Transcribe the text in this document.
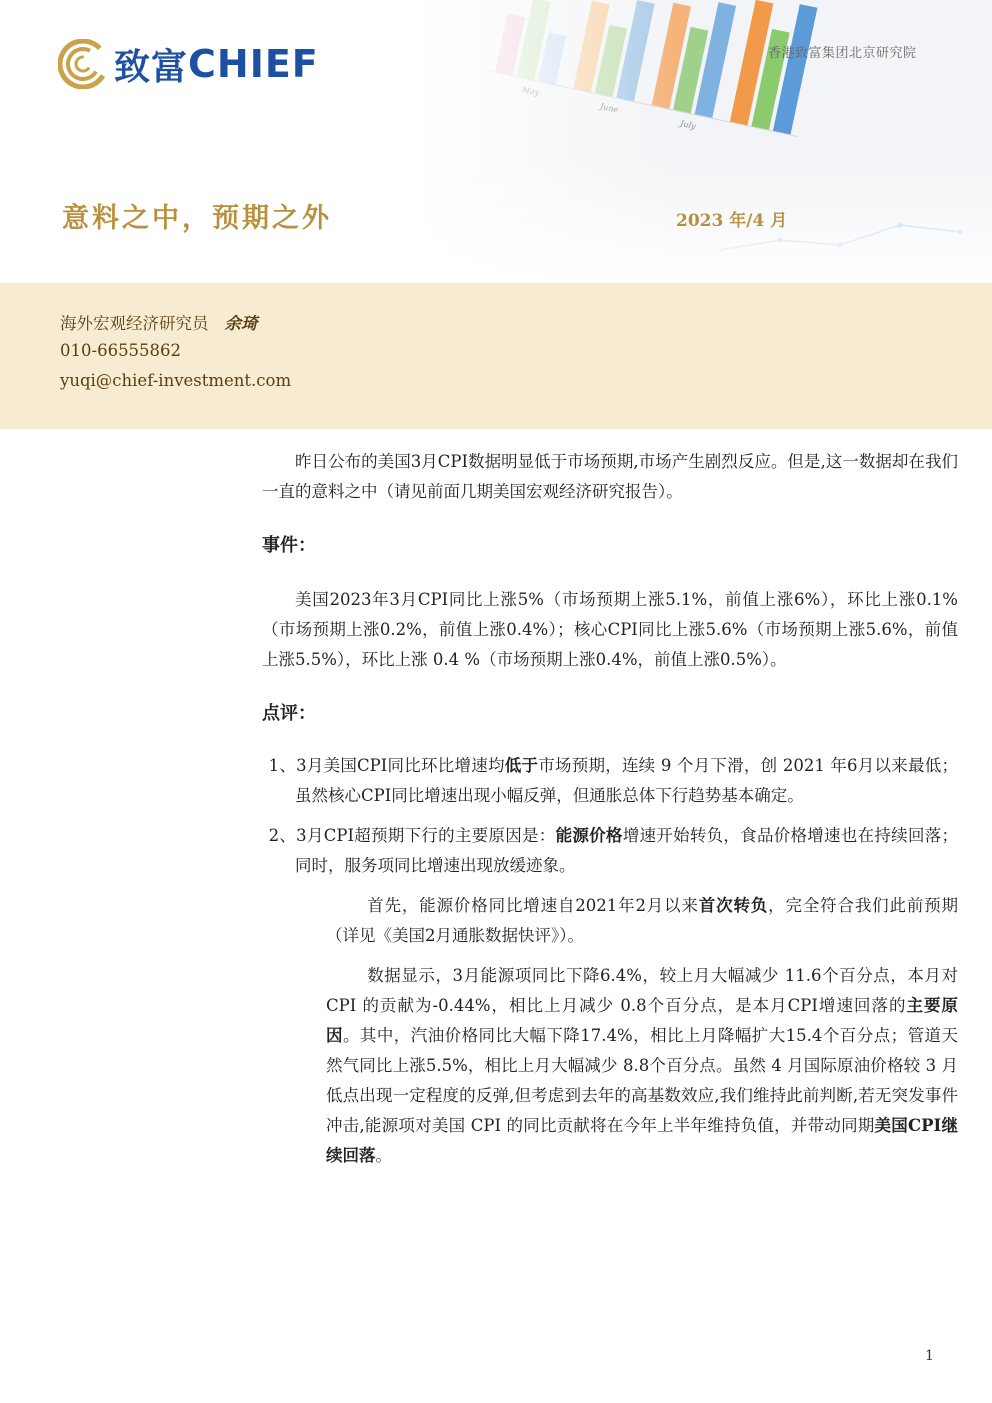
致富 CHIEF	香港致富集团北京研究院
意料之中，预期之外	2023 年/4 月
海外宏观经济研究员 余琦
010-66555862
yuqi@chief-investment.com

昨日公布的美国3月CPI数据明显低于市场预期,市场产生剧烈反应。但是,这一数据却在我们一直的意料之中（请见前面几期美国宏观经济研究报告）。

事件：

美国2023年3月CPI同比上涨5%（市场预期上涨5.1%，前值上涨6%），环比上涨0.1%（市场预期上涨0.2%，前值上涨0.4%）；核心CPI同比上涨5.6%（市场预期上涨5.6%，前值上涨5.5%），环比上涨 0.4 %（市场预期上涨0.4%，前值上涨0.5%）。

点评：

1、3月美国CPI同比环比增速均低于市场预期，连续 9 个月下滑，创 2021 年6月以来最低；虽然核心CPI同比增速出现小幅反弹，但通胀总体下行趋势基本确定。

2、3月CPI超预期下行的主要原因是：能源价格增速开始转负，食品价格增速也在持续回落；同时，服务项同比增速出现放缓迹象。

首先，能源价格同比增速自2021年2月以来首次转负，完全符合我们此前预期（详见《美国2月通胀数据快评》）。

数据显示，3月能源项同比下降6.4%，较上月大幅减少 11.6个百分点，本月对 CPI 的贡献为-0.44%，相比上月减少 0.8个百分点，是本月CPI增速回落的主要原因。其中，汽油价格同比大幅下降17.4%，相比上月降幅扩大15.4个百分点；管道天然气同比上涨5.5%，相比上月大幅减少 8.8个百分点。虽然 4 月国际原油价格较 3 月低点出现一定程度的反弹,但考虑到去年的高基数效应,我们维持此前判断,若无突发事件冲击,能源项对美国 CPI 的同比贡献将在今年上半年维持负值，并带动同期美国CPI继续回落。

1
